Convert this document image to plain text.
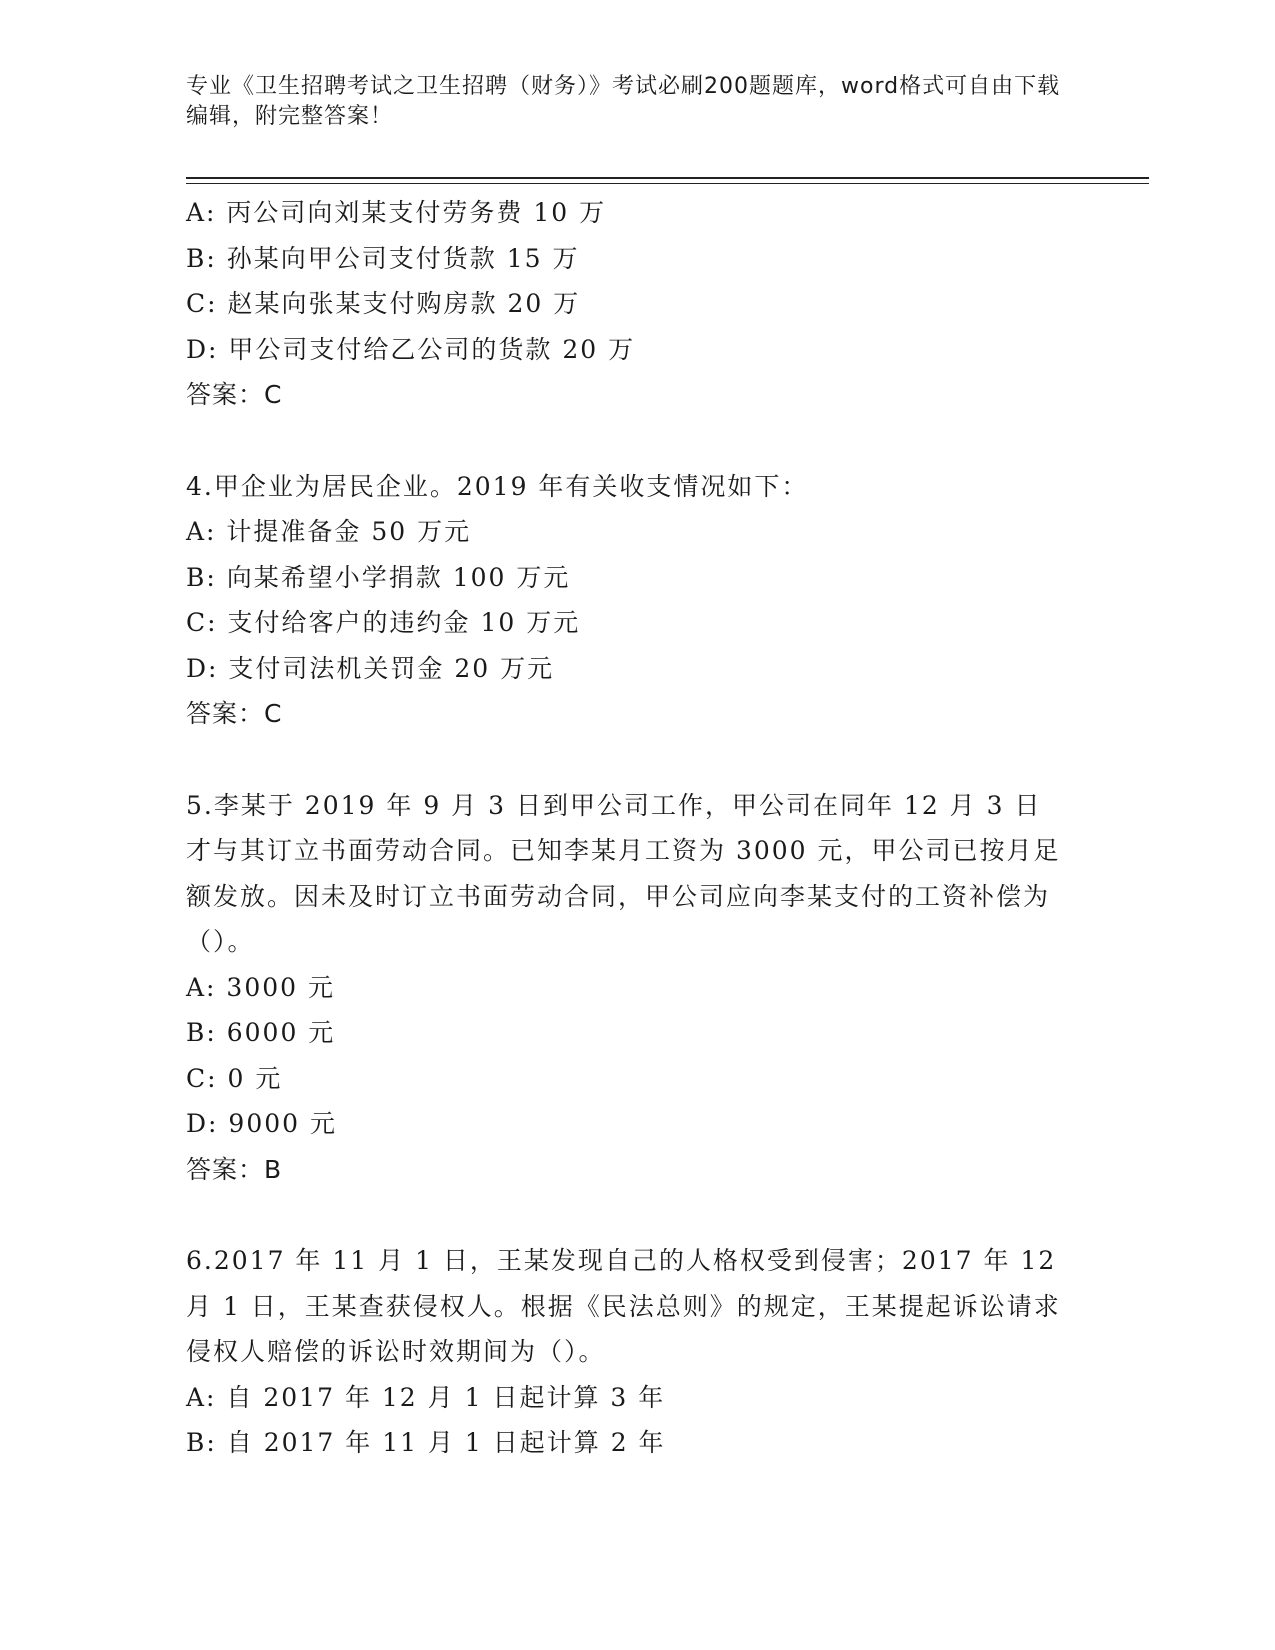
专业《卫生招聘考试之卫生招聘（财务）》考试必刷200题题库，word格式可自由下载编辑，附完整答案！
A: 丙公司向刘某支付劳务费 10 万
B: 孙某向甲公司支付货款 15 万
C: 赵某向张某支付购房款 20 万
D: 甲公司支付给乙公司的货款 20 万
答案：C
4.甲企业为居民企业。2019 年有关收支情况如下：
A: 计提准备金 50 万元
B: 向某希望小学捐款 100 万元
C: 支付给客户的违约金 10 万元
D: 支付司法机关罚金 20 万元
答案：C
5.李某于 2019 年 9 月 3 日到甲公司工作，甲公司在同年 12 月 3 日才与其订立书面劳动合同。已知李某月工资为 3000 元，甲公司已按月足额发放。因未及时订立书面劳动合同，甲公司应向李某支付的工资补偿为（）。
A: 3000 元
B: 6000 元
C: 0 元
D: 9000 元
答案：B
6.2017 年 11 月 1 日，王某发现自己的人格权受到侵害；2017 年 12 月 1 日，王某查获侵权人。根据《民法总则》的规定，王某提起诉讼请求侵权人赔偿的诉讼时效期间为（）。
A: 自 2017 年 12 月 1 日起计算 3 年
B: 自 2017 年 11 月 1 日起计算 2 年
